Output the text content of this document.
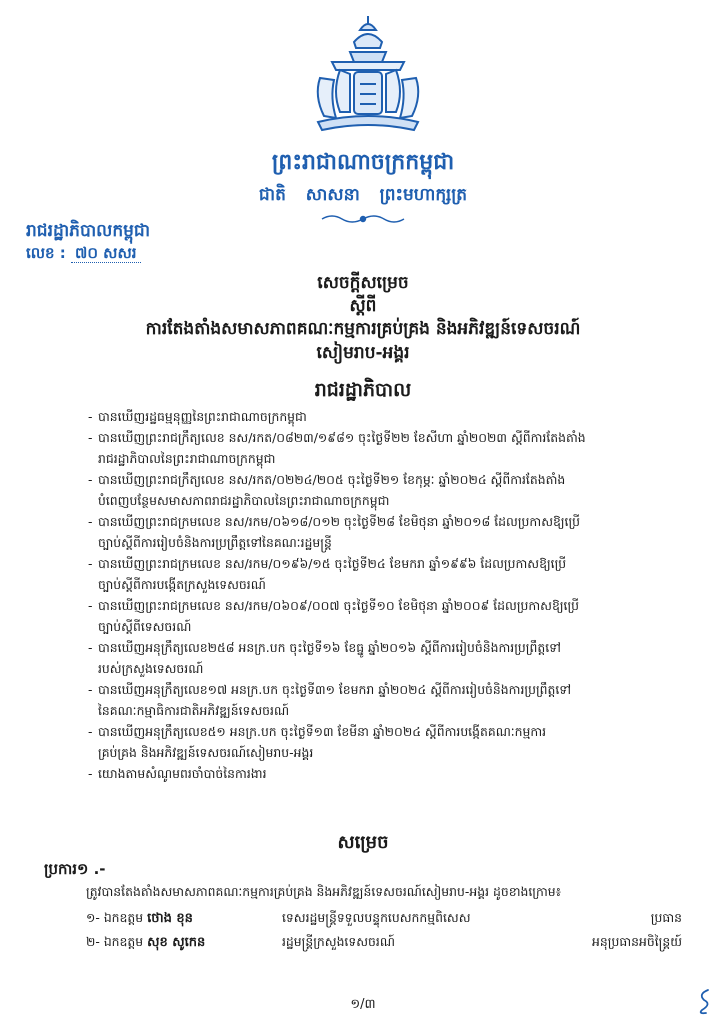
ព្រះរាជាណាចក្រកម្ពុជា
ជាតិ សាសនា ព្រះមហាក្សត្រ
រាជរដ្ឋាភិបាលកម្ពុជា
លេខ : ៧០ សសរ
សេចក្តីសម្រេច
ស្តីពី
ការតែងតាំងសមាសភាពគណៈកម្មការគ្រប់គ្រង និងអភិវឌ្ឍន៍ទេសចរណ៍
សៀមរាប-អង្គរ
រាជរដ្ឋាភិបាល

- បានឃើញរដ្ឋធម្មនុញ្ញនៃព្រះរាជាណាចក្រកម្ពុជា

- បានឃើញព្រះរាជក្រឹត្យលេខ នស/រកត/០៨២៣/១៩៨១ ចុះថ្ងៃទី២២ ខែសីហា ឆ្នាំ២០២៣ ស្តីពីការតែងតាំង
រាជរដ្ឋាភិបាលនៃព្រះរាជាណាចក្រកម្ពុជា

- បានឃើញព្រះរាជក្រឹត្យលេខ នស/រកត/០២២៤/២០៥ ចុះថ្ងៃទី២១ ខែកុម្ភៈ ឆ្នាំ២០២៤ ស្តីពីការតែងតាំង
បំពេញបន្ថែមសមាសភាពរាជរដ្ឋាភិបាលនៃព្រះរាជាណាចក្រកម្ពុជា

- បានឃើញព្រះរាជក្រមលេខ នស/រកម/០៦១៨/០១២ ចុះថ្ងៃទី២៨ ខែមិថុនា ឆ្នាំ២០១៨ ដែលប្រកាសឱ្យប្រើ
ច្បាប់ស្តីពីការរៀបចំនិងការប្រព្រឹត្តទៅនៃគណៈរដ្ឋមន្ត្រី

- បានឃើញព្រះរាជក្រមលេខ នស/រកម/០១៩៦/១៥ ចុះថ្ងៃទី២៤ ខែមករា ឆ្នាំ១៩៩៦ ដែលប្រកាសឱ្យប្រើ
ច្បាប់ស្តីពីការបង្កើតក្រសួងទេសចរណ៍

- បានឃើញព្រះរាជក្រមលេខ នស/រកម/០៦០៩/០០៧ ចុះថ្ងៃទី១០ ខែមិថុនា ឆ្នាំ២០០៩ ដែលប្រកាសឱ្យប្រើ
ច្បាប់ស្តីពីទេសចរណ៍

- បានឃើញអនុក្រឹត្យលេខ២៥៨ អនក្រ.បក ចុះថ្ងៃទី១៦ ខែធ្នូ ឆ្នាំ២០១៦ ស្តីពីការរៀបចំនិងការប្រព្រឹត្តទៅ
របស់ក្រសួងទេសចរណ៍

- បានឃើញអនុក្រឹត្យលេខ១៧ អនក្រ.បក ចុះថ្ងៃទី៣១ ខែមករា ឆ្នាំ២០២៤ ស្តីពីការរៀបចំនិងការប្រព្រឹត្តទៅ
នៃគណៈកម្មាធិការជាតិអភិវឌ្ឍន៍ទេសចរណ៍

- បានឃើញអនុក្រឹត្យលេខ៥១ អនក្រ.បក ចុះថ្ងៃទី១៣ ខែមីនា ឆ្នាំ២០២៤ ស្តីពីការបង្កើតគណៈកម្មការ
គ្រប់គ្រង និងអភិវឌ្ឍន៍ទេសចរណ៍សៀមរាប-អង្គរ

- យោងតាមសំណូមពរចាំបាច់នៃការងារ

សម្រេច
ប្រការ១ .-
ត្រូវបានតែងតាំងសមាសភាពគណៈកម្មការគ្រប់គ្រង និងអភិវឌ្ឍន៍ទេសចរណ៍សៀមរាប-អង្គរ ដូចខាងក្រោម៖
១- ឯកឧត្តម ថោង ខុន	ទេសរដ្ឋមន្ត្រីទទួលបន្ទុកបេសកកម្មពិសេស	ប្រធាន
២- ឯកឧត្តម សុខ សូកេន	រដ្ឋមន្ត្រីក្រសួងទេសចរណ៍	អនុប្រធានអចិន្ត្រៃយ៍
១/៣
